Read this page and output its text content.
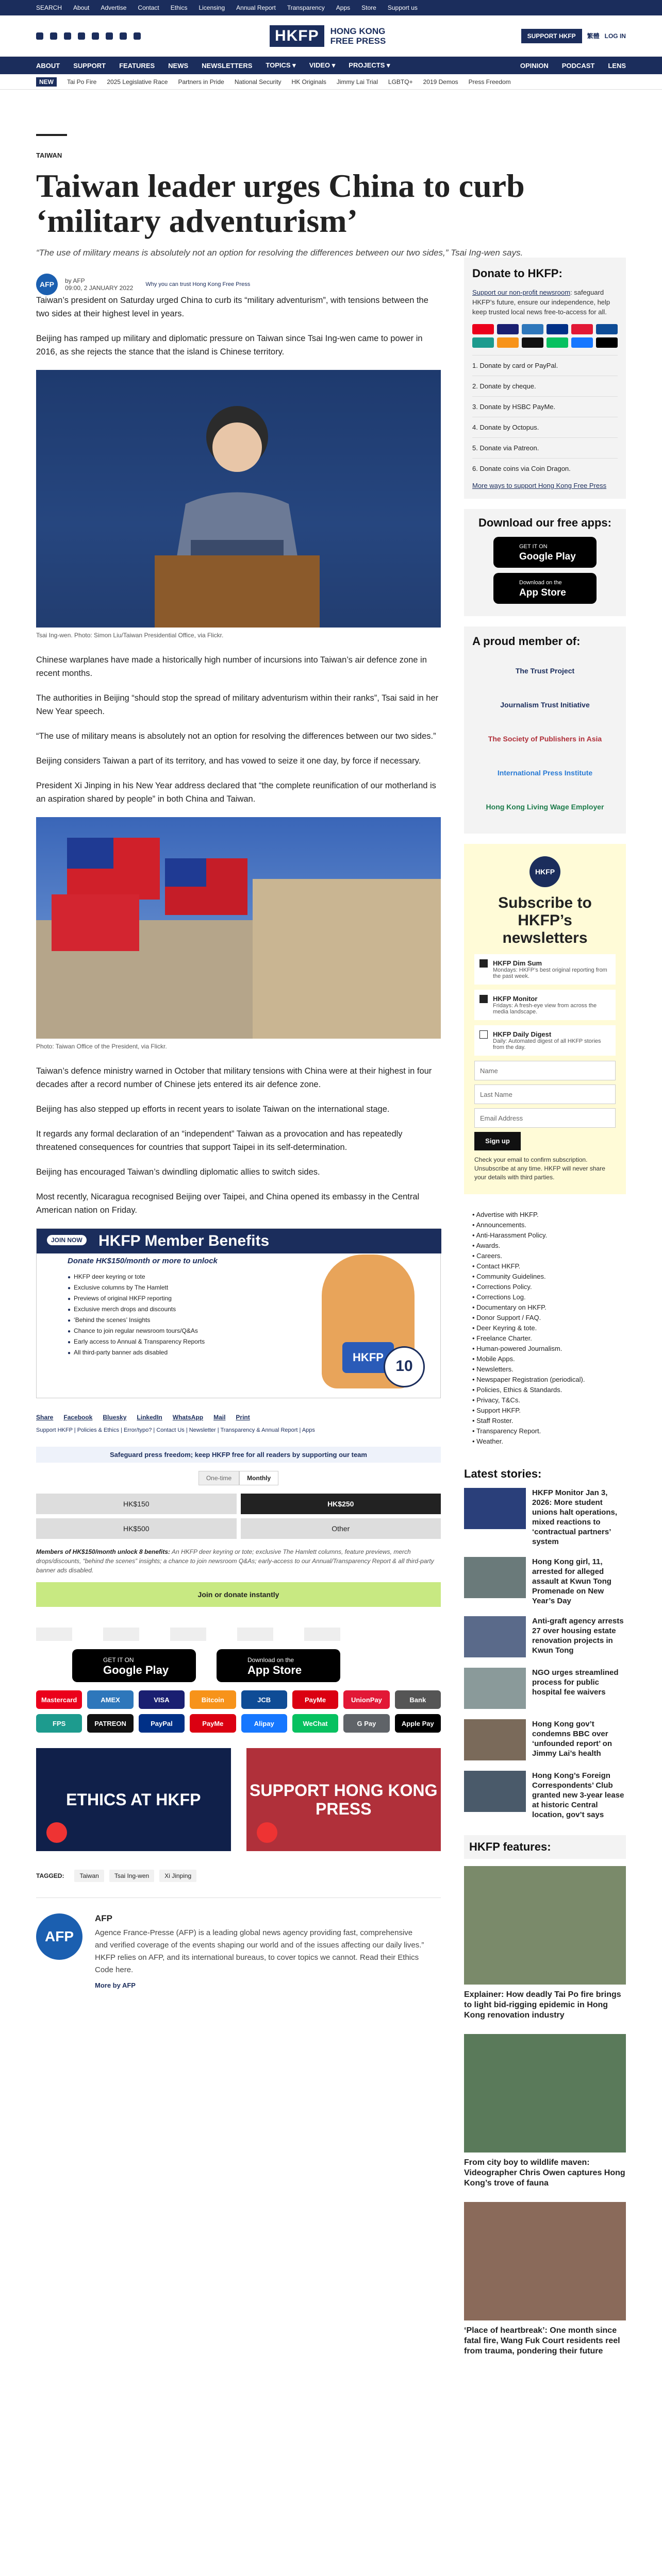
SEARCH About Advertise Contact Ethics Licensing Annual Report Transparency Apps Store Support us
HKFP	HONG KONG FREE PRESS	SUPPORT HKFP	繁體 LOG IN
ABOUT SUPPORT FEATURES NEWS NEWSLETTERS TOPICS ▾ VIDEO ▾ PROJECTS ▾	OPINION PODCAST LENS
NEW	Tai Po Fire 2025 Legislative Race Partners in Pride National Security HK Originals Jimmy Lai Trial LGBTQ+ 2019 Demos Press Freedom
TAIWAN
Taiwan leader urges China to curb ‘military adventurism’
“The use of military means is absolutely not an option for resolving the differences between our two sides,” Tsai Ing-wen says.
AFP	by AFP
09:00, 2 JANUARY 2022 Why you can trust Hong Kong Free Press

Taiwan’s president on Saturday urged China to curb its “military adventurism”, with tensions between the two sides at their highest level in years.

Beijing has ramped up military and diplomatic pressure on Taiwan since Tsai Ing-wen came to power in 2016, as she rejects the stance that the island is Chinese territory.

Tsai Ing-wen. Photo: Simon Liu/Taiwan Presidential Office, via Flickr.

Chinese warplanes have made a historically high number of incursions into Taiwan’s air defence zone in recent months.

The authorities in Beijing “should stop the spread of military adventurism within their ranks”, Tsai said in her New Year speech.

“The use of military means is absolutely not an option for resolving the differences between our two sides.”

Beijing considers Taiwan a part of its territory, and has vowed to seize it one day, by force if necessary.

President Xi Jinping in his New Year address declared that “the complete reunification of our motherland is an aspiration shared by people” in both China and Taiwan.

Photo: Taiwan Office of the President, via Flickr.

Taiwan’s defence ministry warned in October that military tensions with China were at their highest in four decades after a record number of Chinese jets entered its air defence zone.

Beijing has also stepped up efforts in recent years to isolate Taiwan on the international stage.

It regards any formal declaration of an “independent” Taiwan as a provocation and has repeatedly threatened consequences for countries that support Taipei in its self-determination.

Beijing has encouraged Taiwan’s dwindling diplomatic allies to switch sides.

Most recently, Nicaragua recognised Beijing over Taipei, and China opened its embassy in the Central American nation on Friday.

HKFP Member Benefits
JOIN NOW
Donate HK$150/month or more to unlock
● HKFP deer keyring or tote
● Exclusive columns by The Hamlett
● Previews of original HKFP reporting
● Exclusive merch drops and discounts
● ‘Behind the scenes’ Insights
● Chance to join regular newsroom tours/Q&As
● Early access to Annual & Transparency Reports
● All third-party banner ads disabled	HKFP
10
Share Facebook Bluesky LinkedIn WhatsApp Mail Print
Support HKFP | Policies & Ethics | Error/typo? | Contact Us | Newsletter | Transparency & Annual Report | Apps
Safeguard press freedom; keep HKFP free for all readers by supporting our team
One-time	Monthly
HK$150	HK$250
HK$500	Other
Members of HK$150/month unlock 8 benefits: An HKFP deer keyring or tote; exclusive The Hamlett columns, feature previews, merch drops/discounts, “behind the scenes” insights; a chance to join newsroom Q&As; early-access to our Annual/Transparency Report & all third-party banner ads disabled.
Join or donate instantly
GET IT ON
Google Play
Download on the
App Store
Mastercard	AMEX	VISA	Bitcoin	JCB	PayMe	UnionPay	Bank
FPS	PATREON	PayPal	PayMe	Alipay	WeChat	G Pay	Apple Pay
ETHICS AT HKFP	SUPPORT HONG KONG PRESS
TAGGED:	Taiwan	Tsai Ing-wen	Xi Jinping
AFP
AFP

Agence France-Presse (AFP) is a leading global news agency providing fast, comprehensive and verified coverage of the events shaping our world and of the issues affecting our daily lives.” HKFP relies on AFP, and its international bureaus, to cover topics we cannot. Read their Ethics Code here.

More by AFP
Donate to HKFP:

Support our non-profit newsroom: safeguard HKFP’s future, ensure our independence, help keep trusted local news free-to-access for all.

1. Donate by card or PayPal.
2. Donate by cheque.
3. Donate by HSBC PayMe.
4. Donate by Octopus.
5. Donate via Patreon.
6. Donate coins via Coin Dragon.
More ways to support Hong Kong Free Press
Download our free apps:
GET IT ON
Google Play
Download on the
App Store
A proud member of:
The Trust Project
Journalism Trust Initiative
The Society of Publishers in Asia
International Press Institute
Hong Kong Living Wage Employer
HKFP
Subscribe to HKFP’s newsletters
HKFP Dim Sum
Mondays: HKFP’s best original reporting from the past week.
HKFP Monitor
Fridays: A fresh-eye view from across the media landscape.
HKFP Daily Digest
Daily: Automated digest of all HKFP stories from the day.
Name
Last Name
Email Address
Sign up
Check your email to confirm subscription. Unsubscribe at any time. HKFP will never share your details with third parties.
• Advertise with HKFP.
• Announcements.
• Anti-Harassment Policy.
• Awards.
• Careers.
• Contact HKFP.
• Community Guidelines.
• Corrections Policy.
• Corrections Log.
• Documentary on HKFP.
• Donor Support / FAQ.
• Deer Keyring & tote.
• Freelance Charter.
• Human-powered Journalism.
• Mobile Apps.
• Newsletters.
• Newspaper Registration (periodical).
• Policies, Ethics & Standards.
• Privacy, T&Cs.
• Support HKFP.
• Staff Roster.
• Transparency Report.
• Weather.
Latest stories:
HKFP Monitor Jan 3, 2026: More student unions halt operations, mixed reactions to ‘contractual partners’ system
Hong Kong girl, 11, arrested for alleged assault at Kwun Tong Promenade on New Year’s Day
Anti-graft agency arrests 27 over housing estate renovation projects in Kwun Tong
NGO urges streamlined process for public hospital fee waivers
Hong Kong gov’t condemns BBC over ‘unfounded report’ on Jimmy Lai’s health
Hong Kong’s Foreign Correspondents’ Club granted new 3-year lease at historic Central location, gov’t says
HKFP features:
Explainer: How deadly Tai Po fire brings to light bid-rigging epidemic in Hong Kong renovation industry
From city boy to wildlife maven: Videographer Chris Owen captures Hong Kong’s trove of fauna
‘Place of heartbreak’: One month since fatal fire, Wang Fuk Court residents reel from trauma, pondering their future
